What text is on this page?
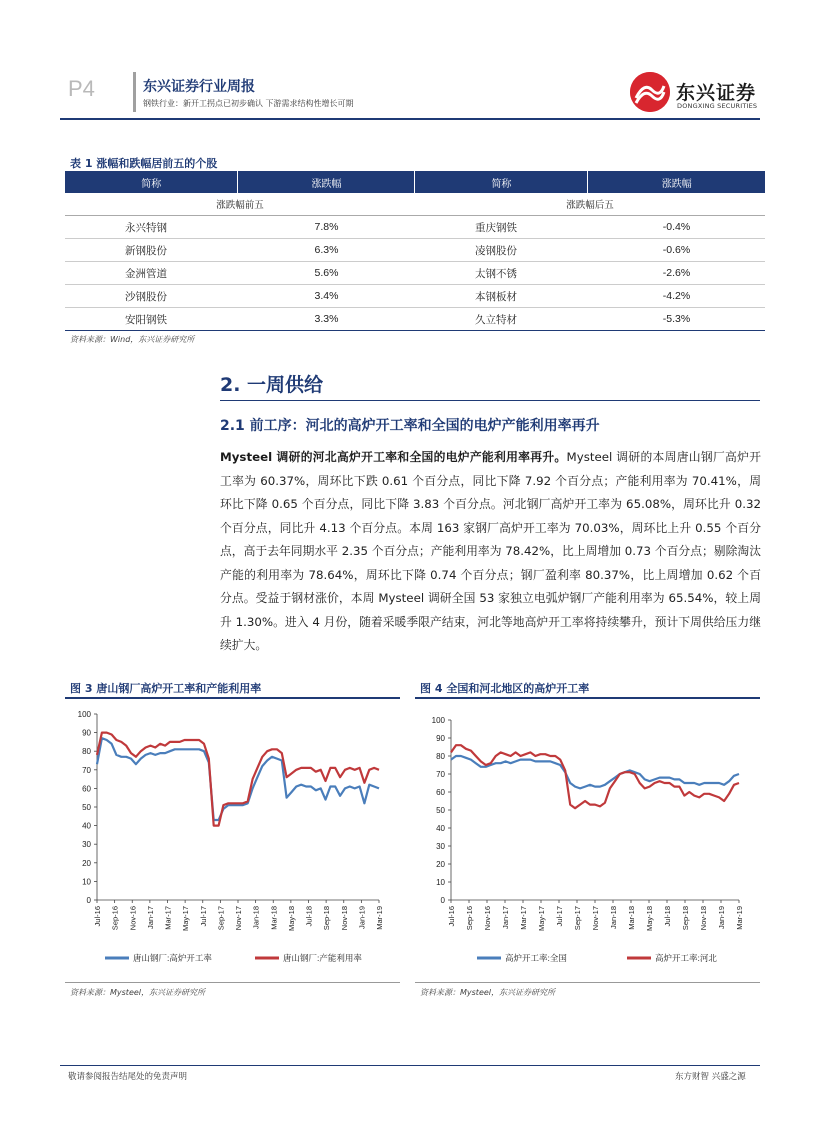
P4	东兴证券行业周报
钢铁行业：新开工拐点已初步确认 下游需求结构性增长可期	东兴证券
DONGXING SECURITIES
表 1 涨幅和跌幅居前五的个股
简称	涨跌幅	简称	涨跌幅
涨跌幅前五		涨跌幅后五	
永兴特钢	7.8%	重庆钢铁	-0.4%
新钢股份	6.3%	凌钢股份	-0.6%
金洲管道	5.6%	太钢不锈	-2.6%
沙钢股份	3.4%	本钢板材	-4.2%
安阳钢铁	3.3%	久立特材	-5.3%
资料来源：Wind，东兴证券研究所
2. 一周供给
2.1 前工序：河北的高炉开工率和全国的电炉产能利用率再升
Mysteel 调研的河北高炉开工率和全国的电炉产能利用率再升。Mysteel 调研的本周唐山钢厂高炉开工率为 60.37%，周环比下跌 0.61 个百分点，同比下降 7.92 个百分点；产能利用率为 70.41%，周环比下降 0.65 个百分点，同比下降 3.83 个百分点。河北钢厂高炉开工率为 65.08%，周环比升 0.32 个百分点，同比升 4.13 个百分点。本周 163 家钢厂高炉开工率为 70.03%，周环比上升 0.55 个百分点，高于去年同期水平 2.35 个百分点；产能利用率为 78.42%，比上周增加 0.73 个百分点；剔除淘汰产能的利用率为 78.64%，周环比下降 0.74 个百分点；钢厂盈利率 80.37%，比上周增加 0.62 个百分点。受益于钢材涨价，本周 Mysteel 调研全国 53 家独立电弧炉钢厂产能利用率为 65.54%，较上周升 1.30%。进入 4 月份，随着采暖季限产结束，河北等地高炉开工率将持续攀升，预计下周供给压力继续扩大。
图 3 唐山钢厂高炉开工率和产能利用率
0
10
20
30
40
50
60
70
80
90
100
Jul-16 Sep-16 Nov-16 Jan-17 Mar-17 May-17 Jul-17 Sep-17 Nov-17 Jan-18 Mar-18 May-18 Jul-18 Sep-18 Nov-18 Jan-19 Mar-19
唐山钢厂:高炉开工率	唐山钢厂:产能利用率
资料来源：Mysteel，东兴证券研究所
图 4 全国和河北地区的高炉开工率
0
10
20
30
40
50
60
70
80
90
100
Jul-16 Sep-16 Nov-16 Jan-17 Mar-17 May-17 Jul-17 Sep-17 Nov-17 Jan-18 Mar-18 May-18 Jul-18 Sep-18 Nov-18 Jan-19 Mar-19
高炉开工率:全国	高炉开工率:河北
资料来源：Mysteel，东兴证券研究所
敬请参阅报告结尾处的免责声明	东方财智 兴盛之源
